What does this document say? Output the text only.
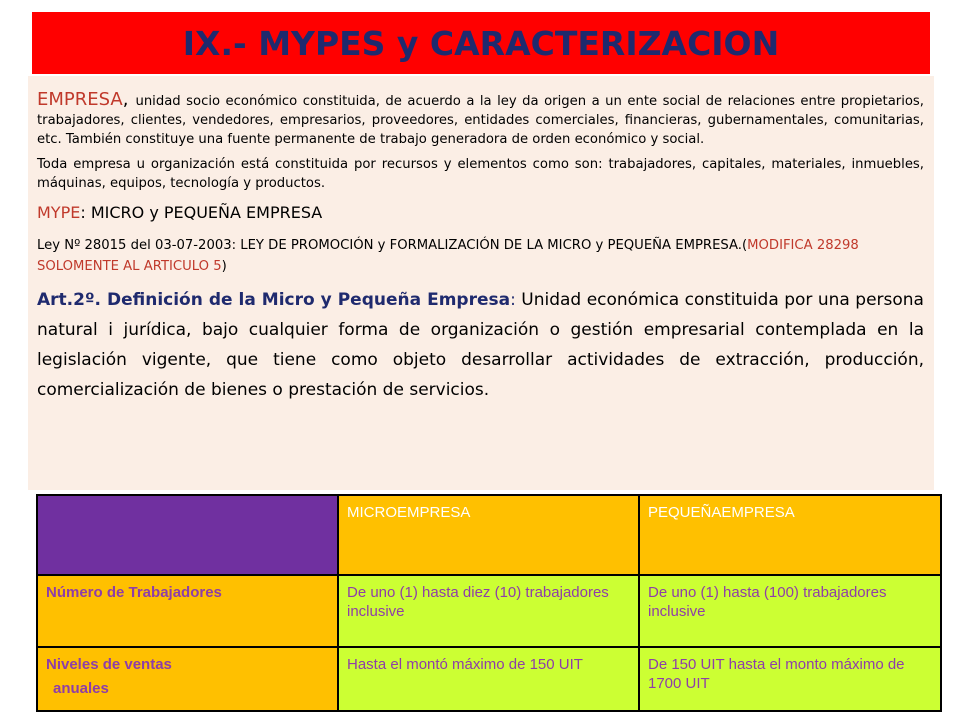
IX.- MYPES y CARACTERIZACION

EMPRESA, unidad socio económico constituida, de acuerdo a la ley da origen a un ente social de relaciones entre propietarios, trabajadores, clientes, vendedores, empresarios, proveedores, entidades comerciales, financieras, gubernamentales, comunitarias, etc. También constituye una fuente permanente de trabajo generadora de orden económico y social.

Toda empresa u organización está constituida por recursos y elementos como son: trabajadores, capitales, materiales, inmuebles, máquinas, equipos, tecnología y productos.

MYPE: MICRO y PEQUEÑA EMPRESA

Ley Nº 28015 del 03-07-2003: LEY DE PROMOCIÓN y FORMALIZACIÓN DE LA MICRO y PEQUEÑA EMPRESA.(MODIFICA 28298 SOLOMENTE AL ARTICULO 5)

Art.2º. Definición de la Micro y Pequeña Empresa: Unidad económica constituida por una persona natural i jurídica, bajo cualquier forma de organización o gestión empresarial contemplada en la legislación vigente, que tiene como objeto desarrollar actividades de extracción, producción, comercialización de bienes o prestación de servicios.

	MICROEMPRESA	PEQUEÑAEMPRESA
Número de Trabajadores	De uno (1) hasta diez (10) trabajadores inclusive	De uno (1) hasta (100) trabajadores inclusive

Niveles de ventas
anuales	Hasta el montó máximo de 150 UIT	De 150 UIT hasta el monto máximo de 1700 UIT
